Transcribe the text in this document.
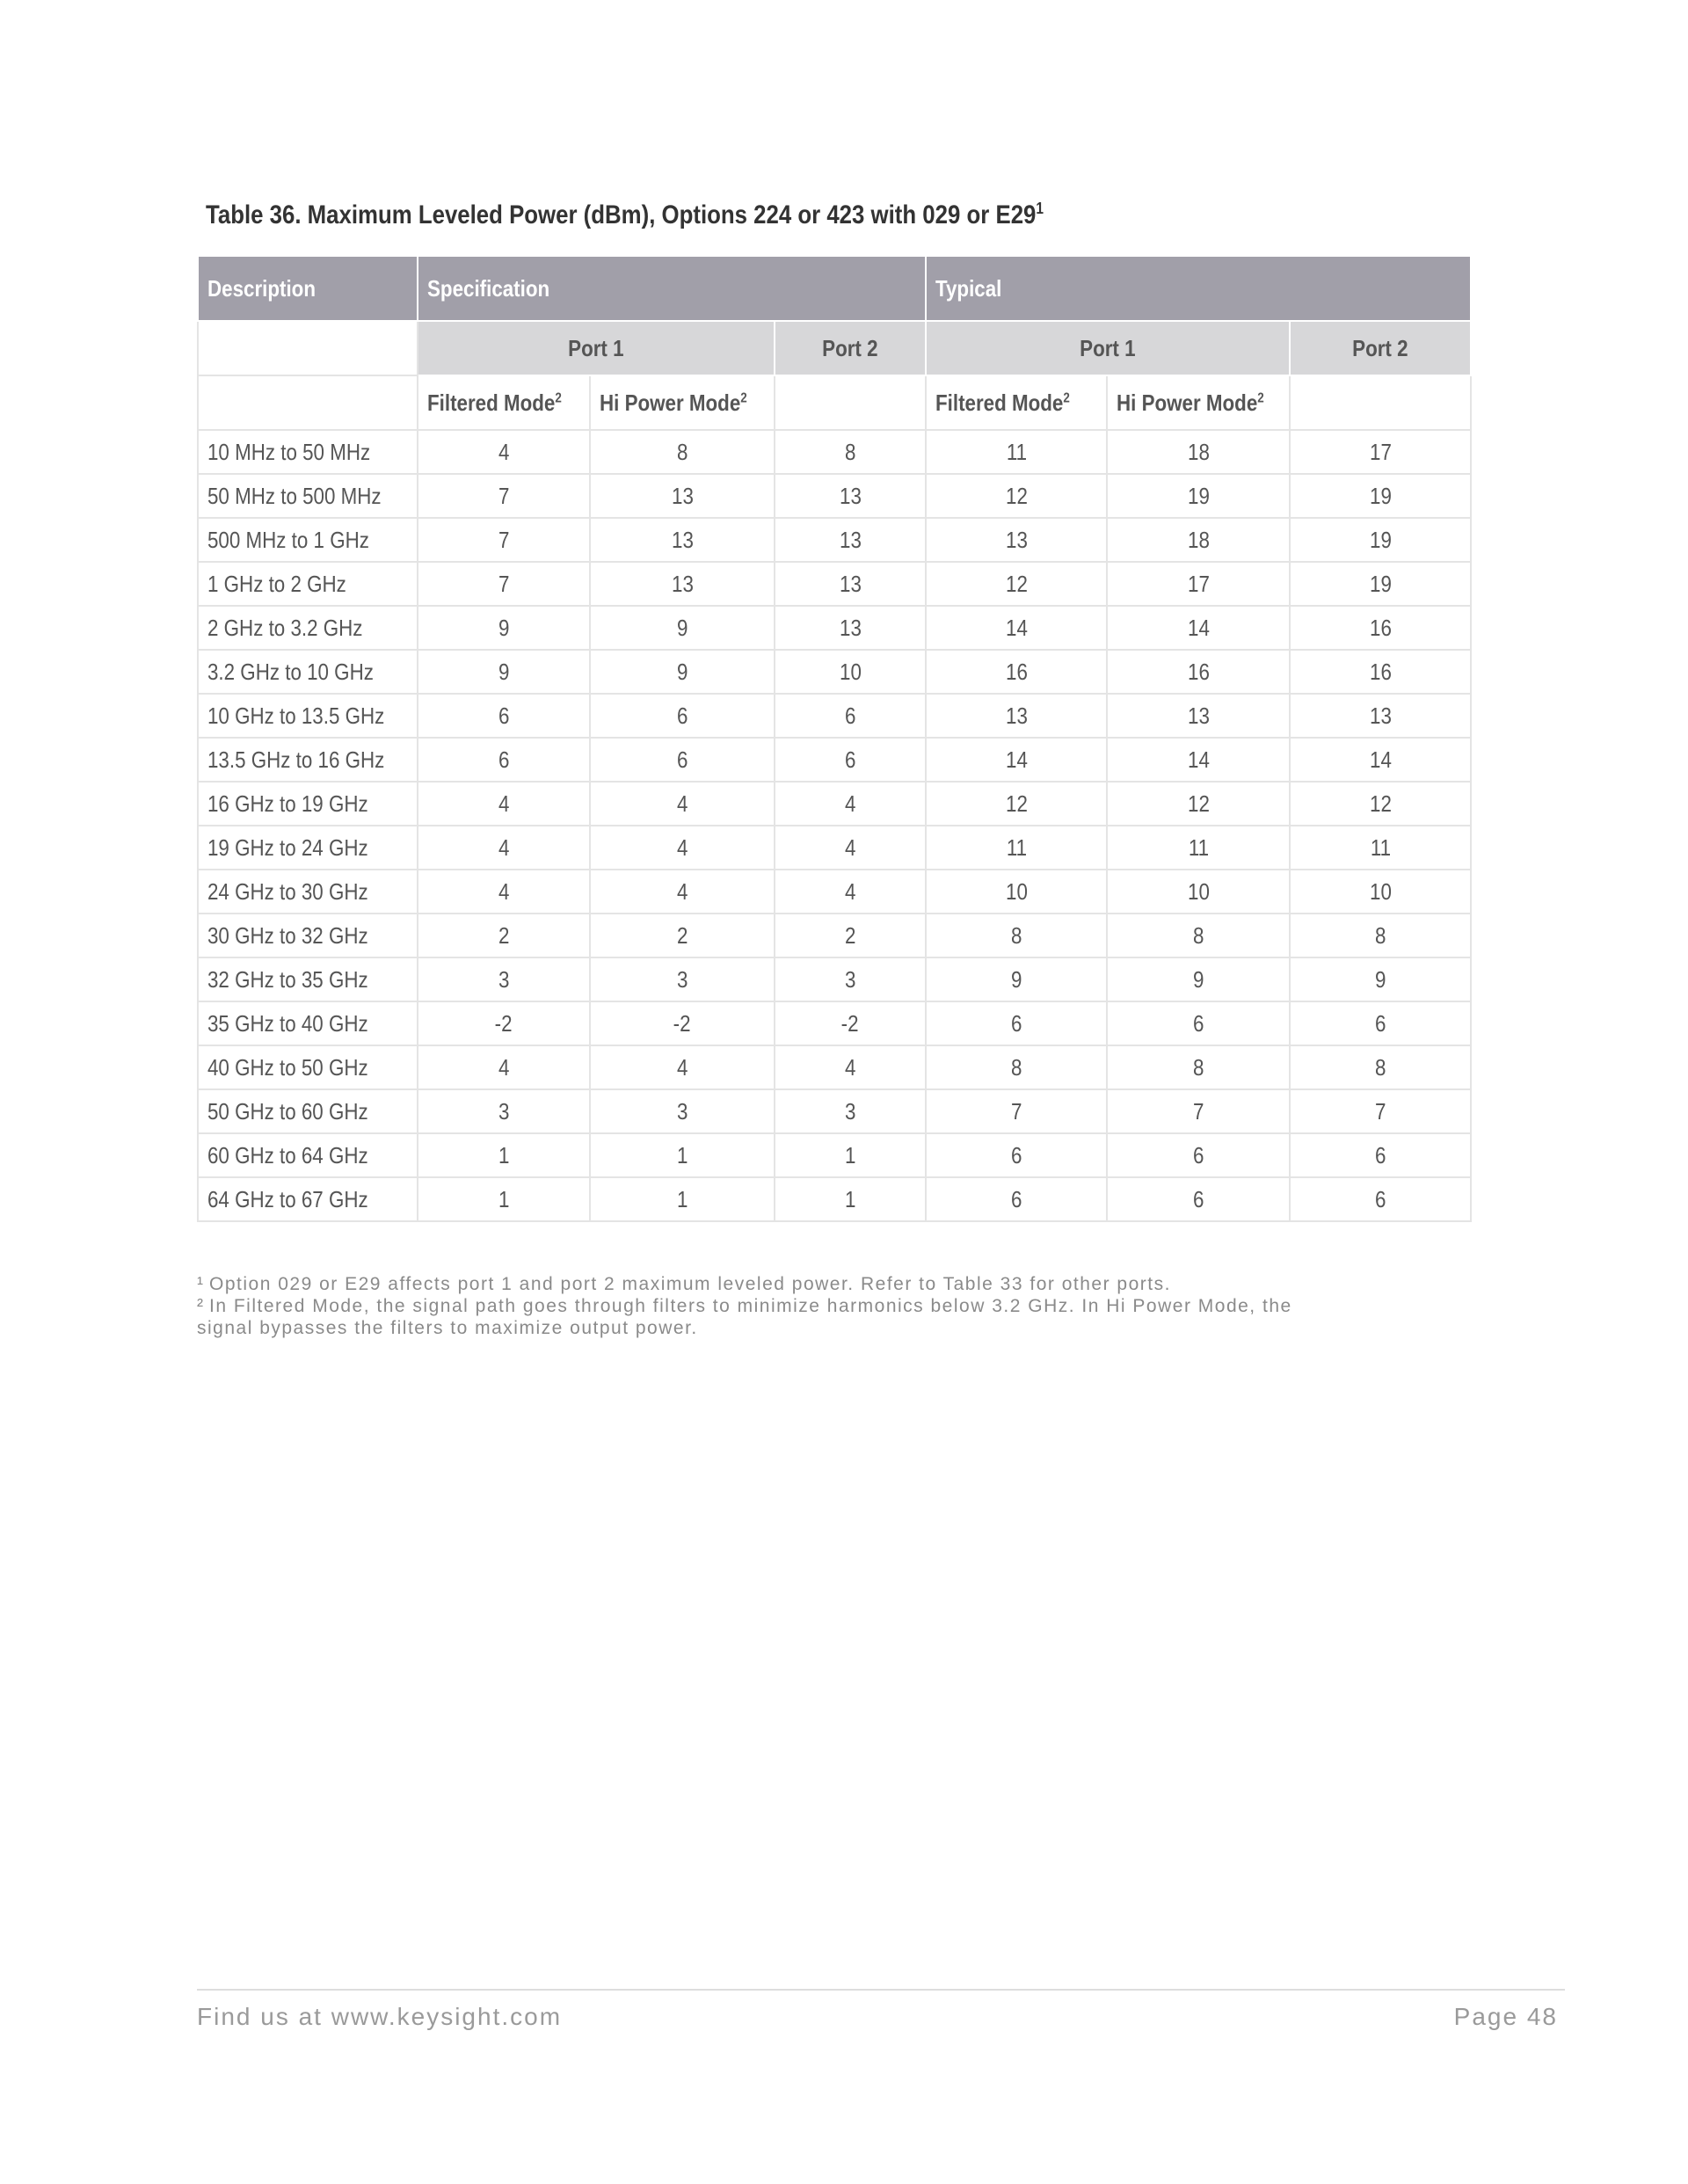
Table 36. Maximum Leveled Power (dBm), Options 224 or 423 with 029 or $E29^1$
Description	Specification			Typical		
	Port 1		Port 2	Port 1		Port 2
	Filtered Mode$^2$	Hi Power Mode$^2$		Filtered Mode$^2$	Hi Power Mode$^2$	
10 MHz to 50 MHz	4	8	8	11	18	17
50 MHz to 500 MHz	7	13	13	12	19	19
500 MHz to 1 GHz	7	13	13	13	18	19
1 GHz to 2 GHz	7	13	13	12	17	19
2 GHz to 3.2 GHz	9	9	13	14	14	16
3.2 GHz to 10 GHz	9	9	10	16	16	16
10 GHz to 13.5 GHz	6	6	6	13	13	13
13.5 GHz to 16 GHz	6	6	6	14	14	14
16 GHz to 19 GHz	4	4	4	12	12	12
19 GHz to 24 GHz	4	4	4	11	11	11
24 GHz to 30 GHz	4	4	4	10	10	10
30 GHz to 32 GHz	2	2	2	8	8	8
32 GHz to 35 GHz	3	3	3	9	9	9
35 GHz to 40 GHz	-2	-2	-2	6	6	6
40 GHz to 50 GHz	4	4	4	8	8	8
50 GHz to 60 GHz	3	3	3	7	7	7
60 GHz to 64 GHz	1	1	1	6	6	6
64 GHz to 67 GHz	1	1	1	6	6	6

¹ Option 029 or E29 affects port 1 and port 2 maximum leveled power. Refer to Table 33 for other ports.

² In Filtered Mode, the signal path goes through filters to minimize harmonics below 3.2 GHz. In Hi Power Mode, the

signal bypasses the filters to maximize output power.

Find us at www.keysight.com	Page 48
